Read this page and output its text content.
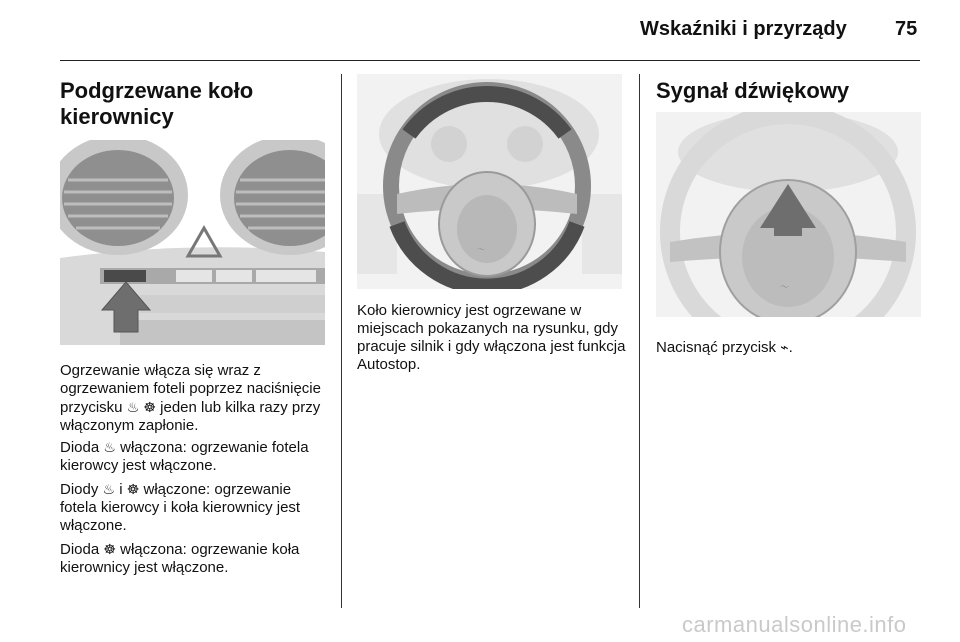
Wskaźniki i przyrządy 75
Podgrzewane koło
kierownicy

Ogrzewanie włącza się wraz z ogrzewaniem foteli poprzez naciśnięcie przycisku ♨ ☸ jeden lub kilka razy przy włączonym zapłonie.

Dioda ♨ włączona: ogrzewanie fotela kierowcy jest włączone.

Diody ♨ i ☸ włączone: ogrzewanie fotela kierowcy i koła kierownicy jest włączone.

Dioda ☸ włączona: ogrzewanie koła kierownicy jest włączone.

〜

Koło kierownicy jest ogrzewane w miejscach pokazanych na rysunku, gdy pracuje silnik i gdy włączona jest funkcja Autostop.

Sygnał dźwiękowy
〜

Nacisnąć przycisk ⌁.

carmanualsonline.info
